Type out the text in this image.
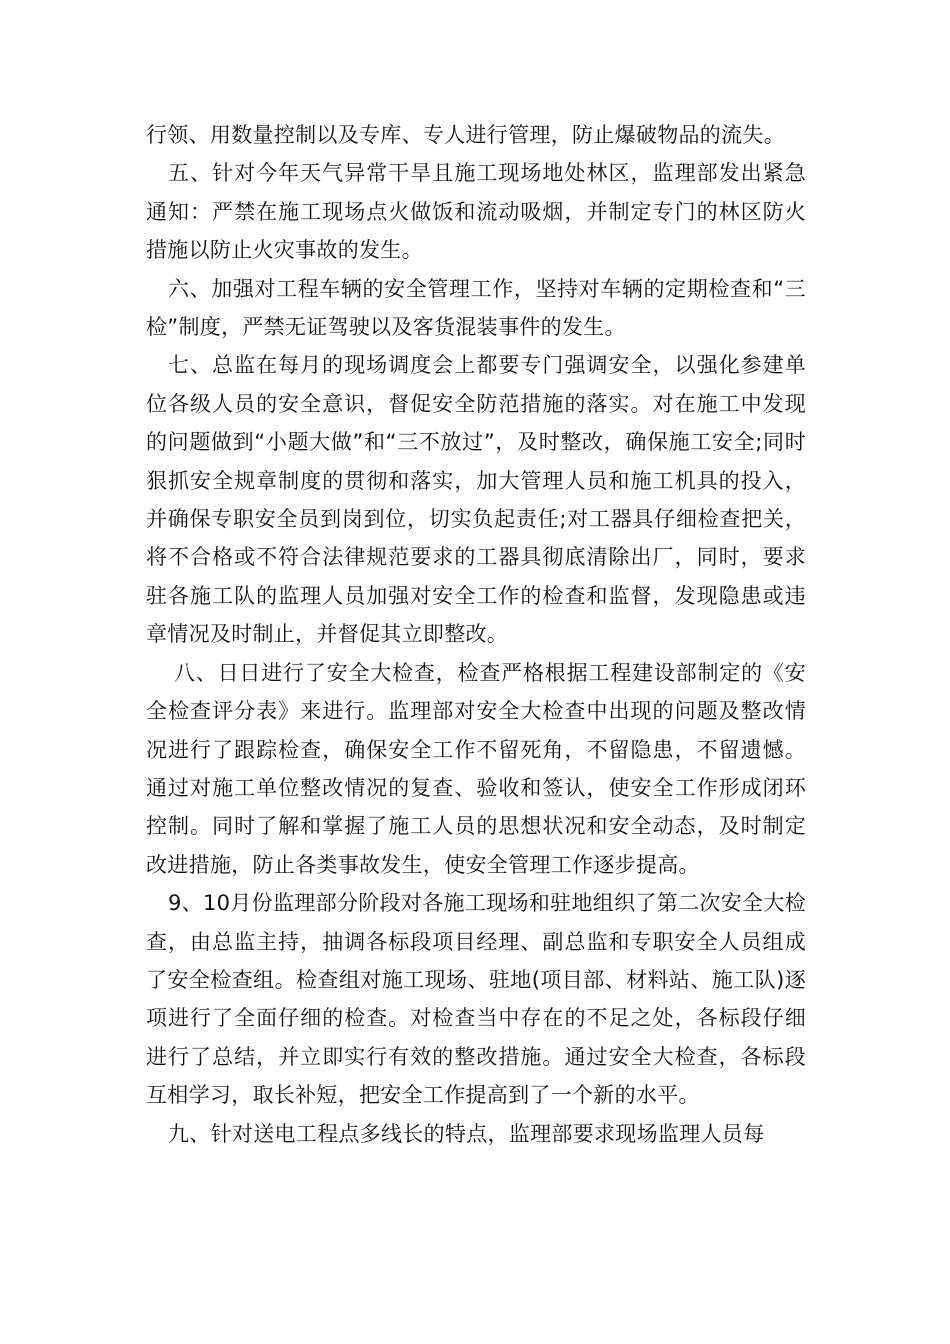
行领、用数量控制以及专库、专人进行管理，防止爆破物品的流失。

五、针对今年天气异常干旱且施工现场地处林区，监理部发出紧急通知：严禁在施工现场点火做饭和流动吸烟，并制定专门的林区防火措施以防止火灾事故的发生。

六、加强对工程车辆的安全管理工作，坚持对车辆的定期检查和“三检”制度，严禁无证驾驶以及客货混装事件的发生。

七、总监在每月的现场调度会上都要专门强调安全，以强化参建单位各级人员的安全意识，督促安全防范措施的落实。对在施工中发现的问题做到“小题大做”和“三不放过”，及时整改，确保施工安全;同时狠抓安全规章制度的贯彻和落实，加大管理人员和施工机具的投入，并确保专职安全员到岗到位，切实负起责任;对工器具仔细检查把关，将不合格或不符合法律规范要求的工器具彻底清除出厂，同时，要求驻各施工队的监理人员加强对安全工作的检查和监督，发现隐患或违章情况及时制止，并督促其立即整改。

八、日日进行了安全大检查，检查严格根据工程建设部制定的《安全检查评分表》来进行。监理部对安全大检查中出现的问题及整改情况进行了跟踪检查，确保安全工作不留死角，不留隐患，不留遗憾。通过对施工单位整改情况的复查、验收和签认，使安全工作形成闭环控制。同时了解和掌握了施工人员的思想状况和安全动态，及时制定改进措施，防止各类事故发生，使安全管理工作逐步提高。

9、10月份监理部分阶段对各施工现场和驻地组织了第二次安全大检查，由总监主持，抽调各标段项目经理、副总监和专职安全人员组成了安全检查组。检查组对施工现场、驻地(项目部、材料站、施工队)逐项进行了全面仔细的检查。对检查当中存在的不足之处，各标段仔细进行了总结，并立即实行有效的整改措施。通过安全大检查，各标段互相学习，取长补短，把安全工作提高到了一个新的水平。

九、针对送电工程点多线长的特点，监理部要求现场监理人员每
